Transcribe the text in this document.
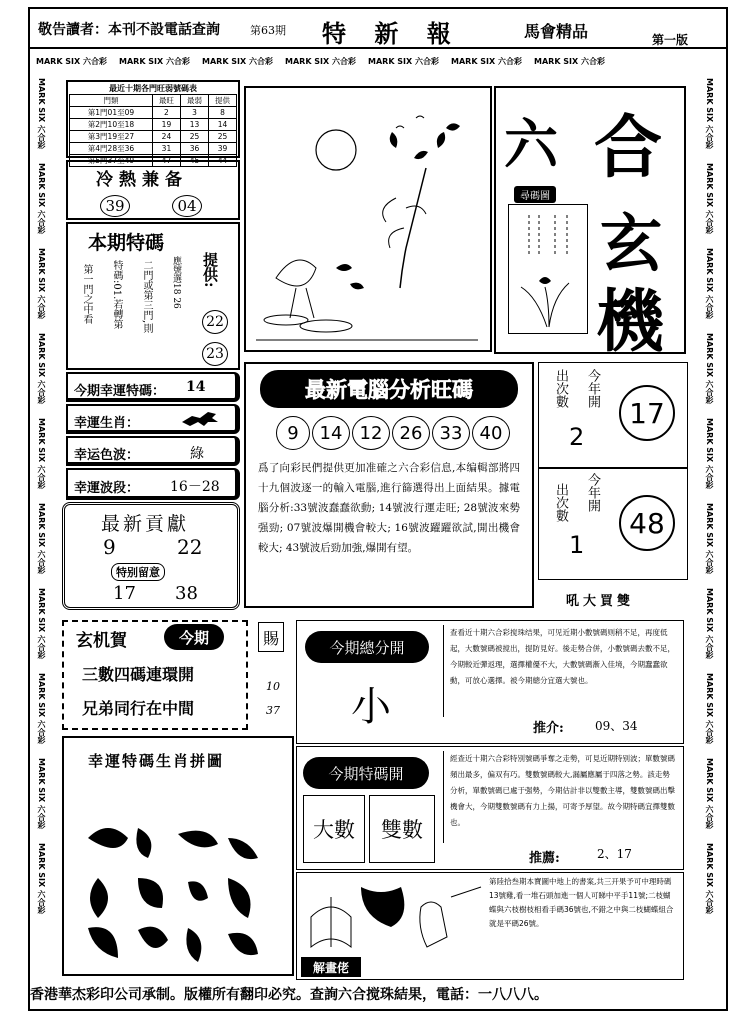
敬告讀者：本刊不設電話查詢	第63期 特 新 報	馬會精品	第一版
MARK SIX 六合彩 MARK SIX 六合彩 MARK SIX 六合彩 MARK SIX 六合彩 MARK SIX 六合彩 MARK SIX 六合彩 MARK SIX 六合彩
MARK SIX 六合彩
MARK SIX 六合彩
MARK SIX 六合彩
MARK SIX 六合彩
MARK SIX 六合彩
MARK SIX 六合彩
MARK SIX 六合彩
MARK SIX 六合彩
MARK SIX 六合彩
MARK SIX 六合彩
MARK SIX 六合彩
MARK SIX 六合彩
MARK SIX 六合彩
MARK SIX 六合彩
MARK SIX 六合彩
MARK SIX 六合彩
MARK SIX 六合彩
MARK SIX 六合彩
MARK SIX 六合彩
MARK SIX 六合彩
最近十期各門旺弱號碼表
門類	最旺	最弱	提供
第1門01至09	2	3	8
第2門10至18	19	13	14
第3門19至27	24	25	25
第4門28至36	31	36	39
第5門37至49	47	45	44
冷熱兼备
39	04
本期特碼
第一門之中看 特碼:01.若轉第 二門或第三門,則 應號選18 26 提供:
22
23
今期幸運特碼： 14
幸運生肖：
幸运色波：	綠
幸運波段： 16－28
最新貢獻
9	22
特别留意
17 38
六 合
玄
機
尋碼圖
最新電腦分析旺碼
9	14 12 26 33 40
爲了向彩民們提供更加准確之六合彩信息,本编輯部將四十九個波逐一的輸入電腦,進行篩選得出上面結果。據電腦分析:33號波蠢蠢欲動; 14號波行運走旺; 28號波來勢强勁; 07號波爆開機會較大; 16號波躍躍欲試,開出機會較大; 43號波后勁加強,爆開有望。
出次數 今年開
2
17
出次數 今年開
1
48
吼大買雙
玄机賀	今期
三數四碼連環開
兄弟同行在中間
賜
10
37
今期總分開
小
查看近十期六合彩搅珠结果，可见近期小數號碼则稍不足，再度低起，大數號碼被搅出，提防見好。後走勢合併，小數號碼去數不足，今期較近彈返理，選擇權優不大，大數號碼漸入佳境，今期蠢蠢欲動，可放心選擇。被今期總分宜選大號也。
推介:	09、34
幸運特碼生肖拼圖
今期特碼開
大數	雙數
經查近十期六合彩特別號碼爭奪之走勢，可見近期特别波；單數號碼頻出最多，偏双有巧。雙數號碼較大,漏屬應屬于四落之勢。該走勢分析，單數號碼已處于强勢，今期估計非以雙數主導，雙數號碼出擊機會大，今期雙數號碼有力上揚，可寄予厚望。故今期特碼宜擇雙數也。
推薦:	2、17
解畫佬
第陸拾叁期本寶圖中地上的書案,共三开果予可中理時碼13號雞,看一堆石頭加進一個人可睇中平手11號;二枝蝴蝶與六枝樹枝相看手碼36號也,不錯之中與二枝蝴蝶組合就是平碼26號。
香港華杰彩印公司承制。版權所有翻印必究。查詢六合搅珠結果，電話：一八八八。
